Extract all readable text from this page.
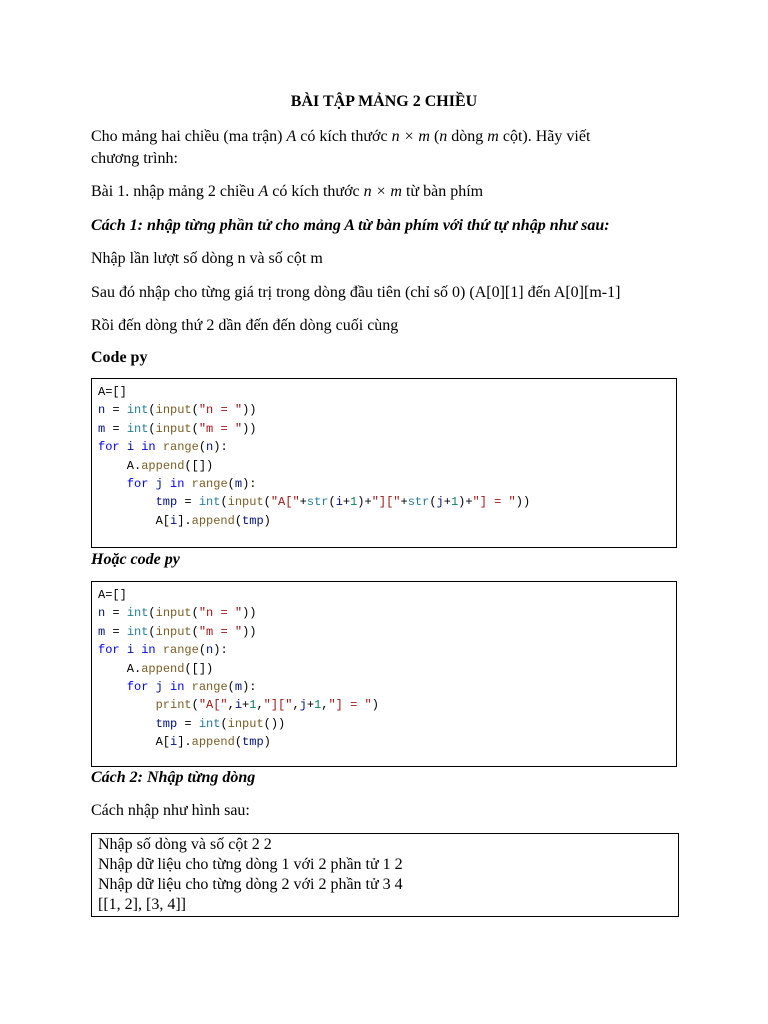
BÀI TẬP MẢNG 2 CHIỀU
Cho mảng hai chiều (ma trận) A có kích thước n × m (n dòng m cột). Hãy viết
chương trình:
Bài 1. nhập mảng 2 chiều A có kích thước n × m từ bàn phím
Cách 1: nhập từng phần tử cho mảng A từ bàn phím với thứ tự nhập như sau:
Nhập lần lượt số dòng n và số cột m
Sau đó nhập cho từng giá trị trong dòng đầu tiên (chỉ số 0) (A[0][1] đến A[0][m-1]
Rồi đến dòng thứ 2 dần đến đến dòng cuối cùng
Code py
A=[]
n = int(input("n = "))
m = int(input("m = "))
for i in range(n):
A.append([])
for j in range(m):
tmp = int(input("A["+str(i+1)+"]["+str(j+1)+"] = "))
A[i].append(tmp)
Hoặc code py
A=[]
n = int(input("n = "))
m = int(input("m = "))
for i in range(n):
A.append([])
for j in range(m):
print("A[",i+1,"][",j+1,"] = ")
tmp = int(input())
A[i].append(tmp)
Cách 2: Nhập từng dòng
Cách nhập như hình sau:
Nhập số dòng và số cột 2 2
Nhập dữ liệu cho từng dòng 1 với 2 phần tử 1 2
Nhập dữ liệu cho từng dòng 2 với 2 phần tử 3 4
[[1, 2], [3, 4]]
